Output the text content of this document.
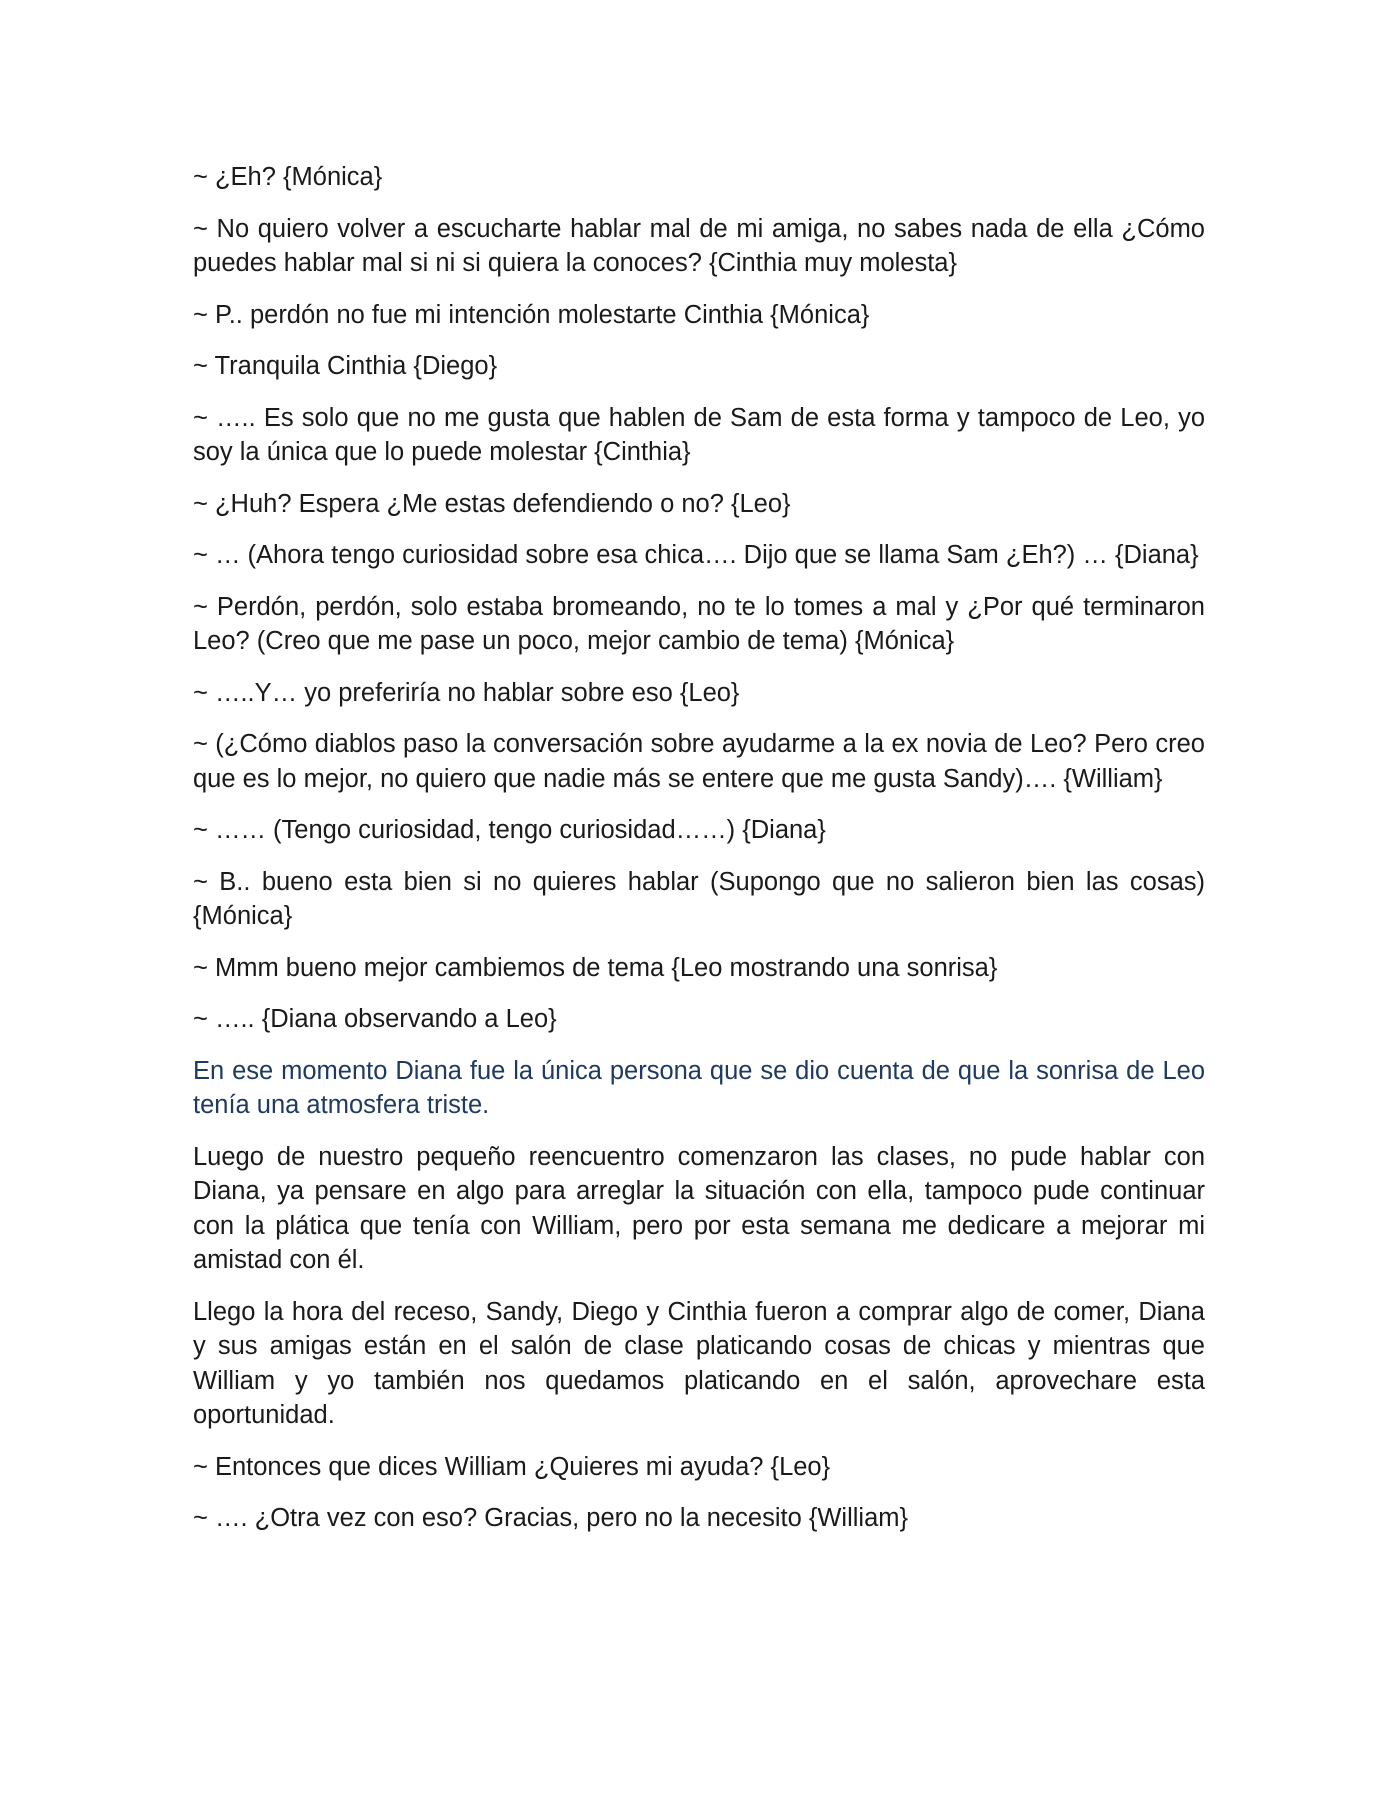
~ ¿Eh? {Mónica}

~ No quiero volver a escucharte hablar mal de mi amiga, no sabes nada de ella ¿Cómo puedes hablar mal si ni si quiera la conoces? {Cinthia muy molesta}

~ P.. perdón no fue mi intención molestarte Cinthia {Mónica}

~ Tranquila Cinthia {Diego}

~ ….. Es solo que no me gusta que hablen de Sam de esta forma y tampoco de Leo, yo soy la única que lo puede molestar {Cinthia}

~ ¿Huh? Espera ¿Me estas defendiendo o no? {Leo}

~ … (Ahora tengo curiosidad sobre esa chica…. Dijo que se llama Sam ¿Eh?) … {Diana}

~ Perdón, perdón, solo estaba bromeando, no te lo tomes a mal y ¿Por qué terminaron Leo? (Creo que me pase un poco, mejor cambio de tema) {Mónica}

~ …..Y… yo preferiría no hablar sobre eso {Leo}

~ (¿Cómo diablos paso la conversación sobre ayudarme a la ex novia de Leo? Pero creo que es lo mejor, no quiero que nadie más se entere que me gusta Sandy)…. {William}

~ …… (Tengo curiosidad, tengo curiosidad……) {Diana}

~ B.. bueno esta bien si no quieres hablar (Supongo que no salieron bien las cosas) {Mónica}

~ Mmm bueno mejor cambiemos de tema {Leo mostrando una sonrisa}

~ ….. {Diana observando a Leo}

En ese momento Diana fue la única persona que se dio cuenta de que la sonrisa de Leo tenía una atmosfera triste.

Luego de nuestro pequeño reencuentro comenzaron las clases, no pude hablar con Diana, ya pensare en algo para arreglar la situación con ella, tampoco pude continuar con la plática que tenía con William, pero por esta semana me dedicare a mejorar mi amistad con él.

Llego la hora del receso, Sandy, Diego y Cinthia fueron a comprar algo de comer, Diana y sus amigas están en el salón de clase platicando cosas de chicas y mientras que William y yo también nos quedamos platicando en el salón, aprovechare esta oportunidad.

~ Entonces que dices William ¿Quieres mi ayuda? {Leo}

~ …. ¿Otra vez con eso? Gracias, pero no la necesito {William}
